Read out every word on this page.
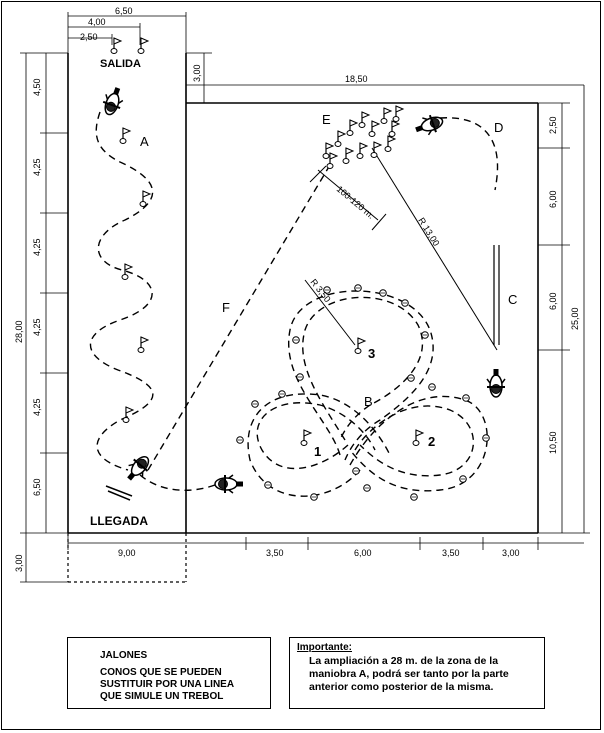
SALIDA
LLEGADA
A
B
C
D
E
F
1
2
3
6,50
4,00
2,50
18,50
3,00
4,50
4,25
4,25
4,25
4,25
6,50
28,00
3,00
9,00	3,50	6,00	3,50	3,00
2,50
6,00
6,00
10,50
25,00
R 13,00
R 3,50
100-120 m.
JALONES
CONOS QUE SE PUEDEN
SUSTITUIR POR UNA LINEA
QUE SIMULE UN TREBOL
Importante:
La ampliación a 28 m. de la zona de la
maniobra A, podrá ser tanto por la parte
anterior como posterior de la misma.
